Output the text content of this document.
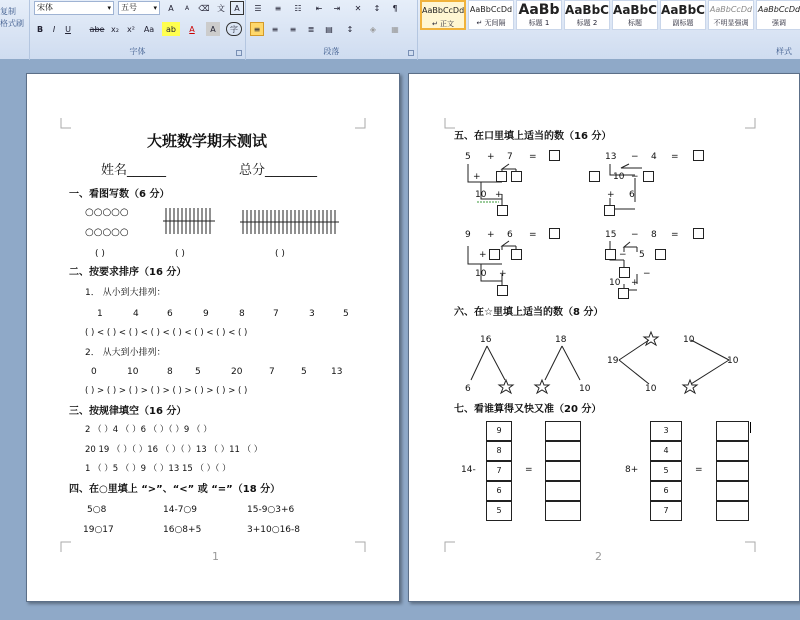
复制
格式刷
宋体	▾	五号 ▾	A	A	⌫ 文	A
B	I	U	abe x₂	x²	Aa	ab	A	A	字
字体
☰	≡	☷	⇤	⇥	✕	↕	¶
≡	≡	≡	≣	▤	↕	◈	▦
段落
AaBbCcDd
↵ 正文
AaBbCcDd
↵ 无间隔
AaBb
标题 1
AaBbC
标题 2
AaBbC
标题
AaBbC
副标题
AaBbCcDd
不明显强调
AaBbCcDd
强调
样式
大班数学期末测试
姓名______	总分________
一、看图写数（6 分）
○○○○○
○○○○○
( )	( )	( )
二、按要求排序（16 分）
1． 从小到大排列：
1	4	6	9	8	7	3	5
( ) < ( ) < ( ) < ( ) < ( ) < ( ) < ( ) < ( )
2． 从大到小排列：
0	10	8 5	20	7	5	13
( ) > ( ) > ( ) > ( ) > ( ) > ( ) > ( ) > ( )
三、按规律填空（16 分）
2 （ ）4 （ ）6 （ ）（ ）9 （ ）
20 19 （ ）（ ）16 （ ）（ ）13 （ ）11 （ ）
1 （ ）5 （ ）9 （ ）13 15 （ ）（ ）
四、在○里填上 “>”、“<” 或 “=”（18 分）
5○8	14-7○9	15-9○3+6
19○17	16○8+5	3+10○16-8
1
五、在口里填上适当的数（16 分）
5 + 7 =
+
10 +
13 − 4 =
10 −
+ 6
9 + 6 =
+
10 +
15 − 8 =
− 5
−
10 +
六、在☆里填上适当的数（8 分）
16
6
18
10
19
10
10
10
七、看谁算得又快又准（20 分）
14-	=
9
8
7
6
5
8+	=
3
4
5
6
7
2
